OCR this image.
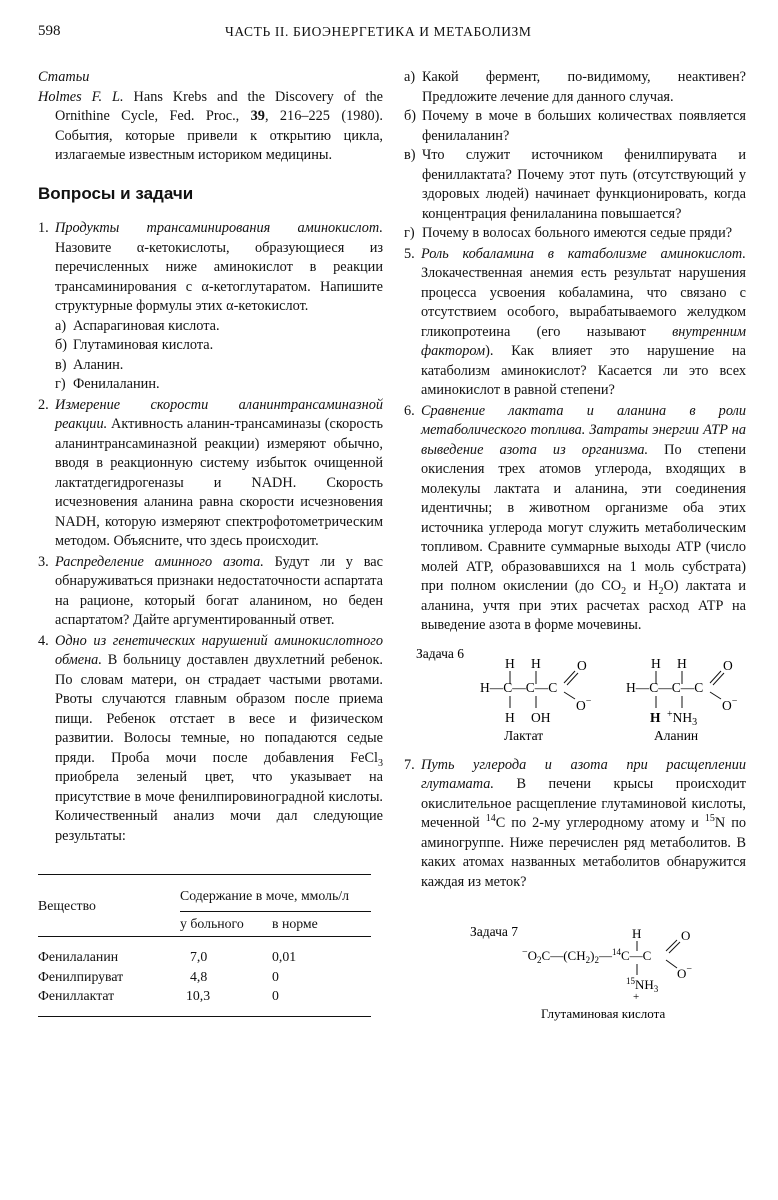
598	ЧАСТЬ II. БИОЭНЕРГЕТИКА И МЕТАБОЛИЗМ

Статьи

Holmes F. L. Hans Krebs and the Discovery of the Ornithine Cycle, Fed. Proc., 39, 216–225 (1980). События, которые привели к открытию цикла, излагаемые известным историком медицины.

Вопросы и задачи
1. Продукты трансаминирования аминокислот. Назовите α-кетокислоты, образующиеся из перечисленных ниже аминокислот в реакции трансаминирования с α-кетоглутаратом. Напишите структурные формулы этих α-кетокислот.
а) Аспарагиновая кислота.
б) Глутаминовая кислота.
в) Аланин.
г) Фенилаланин.
2. Измерение скорости аланинтрансаминазной реакции. Активность аланин-трансаминазы (скорость аланинтрансаминазной реакции) измеряют обычно, вводя в реакционную систему избыток очищенной лактатдегидрогеназы и NADH. Скорость исчезновения аланина равна скорости исчезновения NADH, которую измеряют спектрофотометрическим методом. Объясните, что здесь происходит.
3. Распределение аминного азота. Будут ли у вас обнаруживаться признаки недостаточности аспартата на рационе, который богат аланином, но беден аспартатом? Дайте аргументированный ответ.
4. Одно из генетических нарушений аминокислотного обмена. В больницу доставлен двухлетний ребенок. По словам матери, он страдает частыми рвотами. Рвоты случаются главным образом после приема пищи. Ребенок отстает в весе и физическом развитии. Волосы темные, но попадаются седые пряди. Проба мочи после добавления FeCl$_3$ приобрела зеленый цвет, что указывает на присутствие в моче фенилпировиноградной кислоты. Количественный анализ мочи дал следующие результаты:
Вещество	Содержание в моче, ммоль/л	
	у больного	в норме

Фенилаланин	7,0	0,01
Фенилпируват	4,8	0
Фениллактат	10,3	0

а) Какой фермент, по-видимому, неактивен? Предложите лечение для данного случая.
б) Почему в моче в больших количествах появляется фенилаланин?
в) Что служит источником фенилпирувата и фениллактата? Почему этот путь (отсутствующий у здоровых людей) начинает функционировать, когда концентрация фенилаланина повышается?
г) Почему в волосах больного имеются седые пряди?
5. Роль кобаламина в катаболизме аминокислот. Злокачественная анемия есть результат нарушения процесса усвоения кобаламина, что связано с отсутствием особого, вырабатываемого желудком гликопротеина (его называют внутренним фактором). Как влияет это нарушение на катаболизм аминокислот? Касается ли это всех аминокислот в равной степени?
6. Сравнение лактата и аланина в роли метаболического топлива. Затраты энергии ATP на выведение азота из организма. По степени окисления трех атомов углерода, входящих в молекулы лактата и аланина, эти соединения идентичны; в животном организме оба этих источника углерода могут служить метаболическим топливом. Сравните суммарные выходы ATP (число молей ATP, образовавшихся на 1 моль субстрата) при полном окислении (до $CO_2$ и $H_2O$) лактата и аланина, учтя при этих расчетах расход ATP на выведение азота в форме мочевины.
Задача 6
H H
H—C—C—C
O
O−
H OH
Лактат
H H
H—C—C—C
O
O−
H $^+NH_3$
Аланин
7. Путь углерода и азота при расщеплении глутамата. В печени крысы происходит окислительное расщепление глутаминовой кислоты, меченной $^{14}$C по 2-му углеродному атому и $^{15}$N по аминогруппе. Ниже перечислен ряд метаболитов. В каких атомах названных метаболитов обнаружится каждая из меток?
Задача 7	H
$^-O_2C—(CH_2)_2—^{14}C—C$
O
O−
$^{15}NH_3$
+
Глутаминовая кислота
